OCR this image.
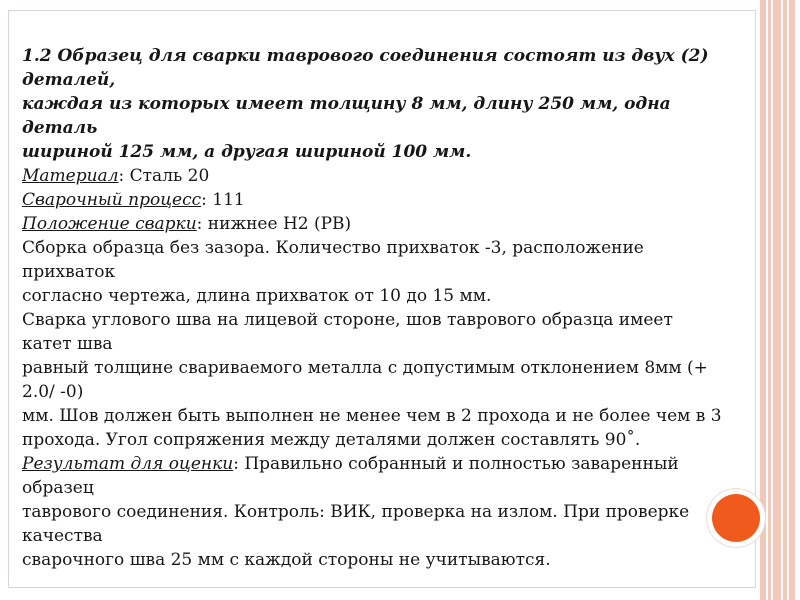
1.2 Образец для сварки таврового соединения состоят из двух (2) деталей,
каждая из которых имеет толщину 8 мм, длину 250 мм, одна деталь
шириной 125 мм, а другая шириной 100 мм.
Материал: Сталь 20
Сварочный процесс: 111
Положение сварки: нижнее Н2 (РВ)
Сборка образца без зазора. Количество прихваток -3, расположение прихваток
согласно чертежа, длина прихваток от 10 до 15 мм.
Сварка углового шва на лицевой стороне, шов таврового образца имеет катет шва
равный толщине свариваемого металла с допустимым отклонением 8мм (+ 2.0/ -0)
мм. Шов должен быть выполнен не менее чем в 2 прохода и не более чем в 3
прохода. Угол сопряжения между деталями должен составлять 90˚.
Результат для оценки: Правильно собранный и полностью заваренный образец
таврового соединения. Контроль: ВИК, проверка на излом. При проверке качества
сварочного шва 25 мм с каждой стороны не учитываются.
